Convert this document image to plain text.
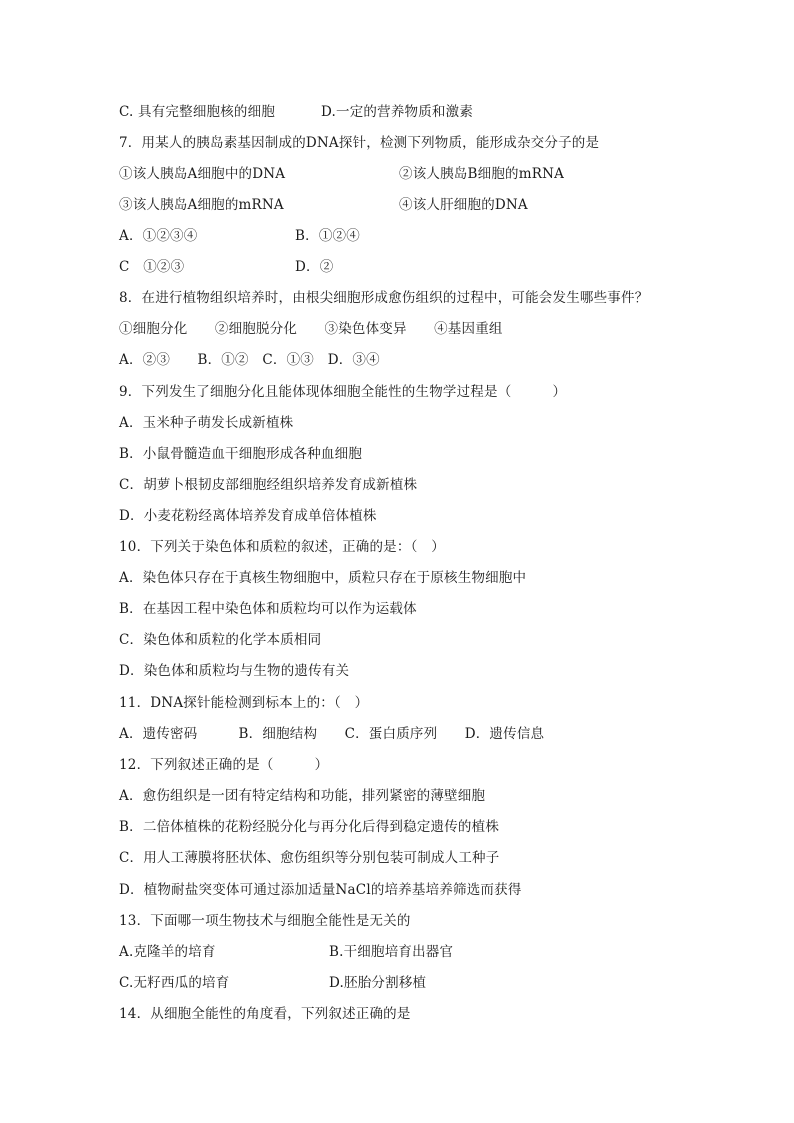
C. 具有完整细胞核的细胞	D.一定的营养物质和激素
7．用某人的胰岛素基因制成的DNA探针，检测下列物质，能形成杂交分子的是
①该人胰岛A细胞中的DNA	②该人胰岛B细胞的mRNA
③该人胰岛A细胞的mRNA	④该人肝细胞的DNA
A．①②③④	B．①②④
C　①②③	D．②
8．在进行植物组织培养时，由根尖细胞形成愈伤组织的过程中，可能会发生哪些事件？
①细胞分化　　②细胞脱分化　　③染色体变异　　④基因重组
A．②③　　B．①②　C．①③　D．③④
9．下列发生了细胞分化且能体现体细胞全能性的生物学过程是（　　　）
A．玉米种子萌发长成新植株
B．小鼠骨髓造血干细胞形成各种血细胞
C．胡萝卜根韧皮部细胞经组织培养发育成新植株
D．小麦花粉经离体培养发育成单倍体植株
10．下列关于染色体和质粒的叙述，正确的是：（　）
A．染色体只存在于真核生物细胞中，质粒只存在于原核生物细胞中
B．在基因工程中染色体和质粒均可以作为运载体
C．染色体和质粒的化学本质相同
D．染色体和质粒均与生物的遗传有关
11．DNA探针能检测到标本上的：（　）
A．遗传密码　　　B．细胞结构　　C．蛋白质序列　　D．遗传信息
12．下列叙述正确的是（　　　）
A．愈伤组织是一团有特定结构和功能，排列紧密的薄壁细胞
B．二倍体植株的花粉经脱分化与再分化后得到稳定遗传的植株
C．用人工薄膜将胚状体、愈伤组织等分别包装可制成人工种子
D．植物耐盐突变体可通过添加适量NaCl的培养基培养筛选而获得
13．下面哪一项生物技术与细胞全能性是无关的
A.克隆羊的培育	B.干细胞培育出器官
C.无籽西瓜的培育	D.胚胎分割移植
14．从细胞全能性的角度看，下列叙述正确的是
